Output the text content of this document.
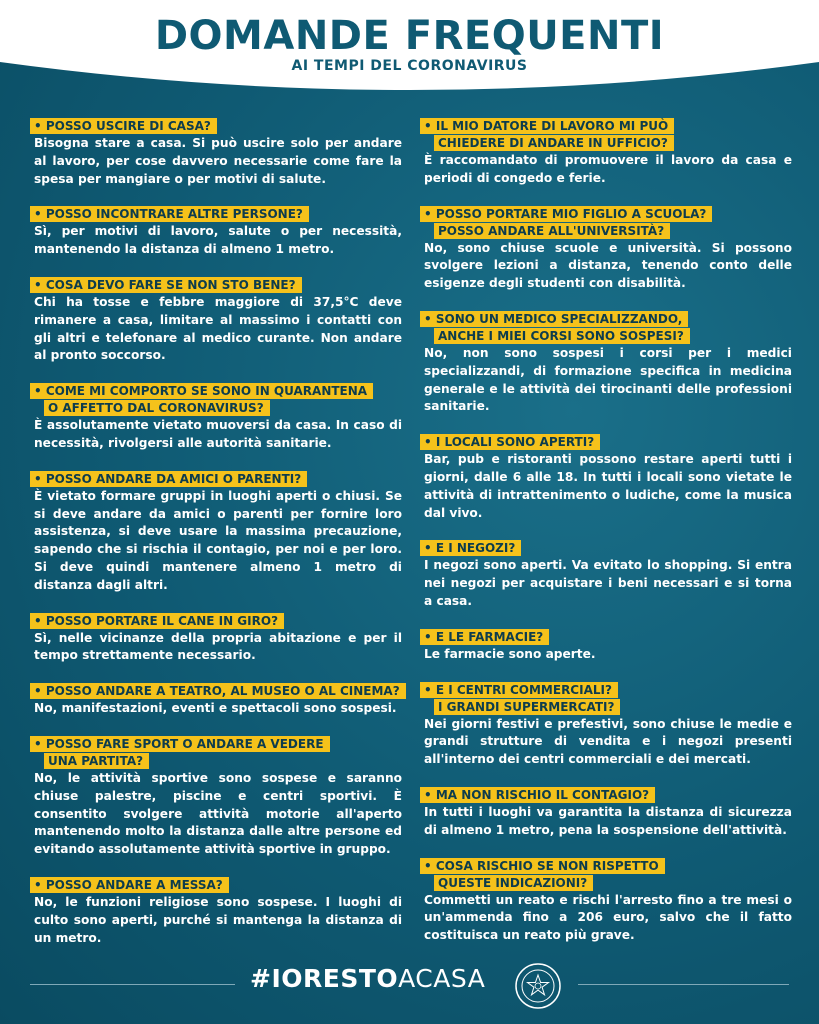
DOMANDE FREQUENTI
AI TEMPI DEL CORONAVIRUS
• POSSO USCIRE DI CASA?
Bisogna stare a casa. Si può uscire solo per andare al lavoro, per cose davvero necessarie come fare la spesa per mangiare o per motivi di salute.
• POSSO INCONTRARE ALTRE PERSONE?
Sì, per motivi di lavoro, salute o per necessità, mantenendo la distanza di almeno 1 metro.
• COSA DEVO FARE SE NON STO BENE?
Chi ha tosse e febbre maggiore di 37,5°C deve rimanere a casa, limitare al massimo i contatti con gli altri e telefonare al medico curante. Non andare al pronto soccorso.
• COME MI COMPORTO SE SONO IN QUARANTENA
O AFFETTO DAL CORONAVIRUS?
È assolutamente vietato muoversi da casa. In caso di necessità, rivolgersi alle autorità sanitarie.
• POSSO ANDARE DA AMICI O PARENTI?
È vietato formare gruppi in luoghi aperti o chiusi. Se si deve andare da amici o parenti per fornire loro assistenza, si deve usare la massima precauzione, sapendo che si rischia il contagio, per noi e per loro. Si deve quindi mantenere almeno 1 metro di distanza dagli altri.
• POSSO PORTARE IL CANE IN GIRO?
Sì, nelle vicinanze della propria abitazione e per il tempo strettamente necessario.
• POSSO ANDARE A TEATRO, AL MUSEO O AL CINEMA?
No, manifestazioni, eventi e spettacoli sono sospesi.
• POSSO FARE SPORT O ANDARE A VEDERE
UNA PARTITA?
No, le attività sportive sono sospese e saranno chiuse palestre, piscine e centri sportivi. È consentito svolgere attività motorie all'aperto mantenendo molto la distanza dalle altre persone ed evitando assolutamente attività sportive in gruppo.
• POSSO ANDARE A MESSA?
No, le funzioni religiose sono sospese. I luoghi di culto sono aperti, purché si mantenga la distanza di un metro.
• IL MIO DATORE DI LAVORO MI PUÒ
CHIEDERE DI ANDARE IN UFFICIO?
È raccomandato di promuovere il lavoro da casa e periodi di congedo e ferie.
• POSSO PORTARE MIO FIGLIO A SCUOLA?
POSSO ANDARE ALL'UNIVERSITÀ?
No, sono chiuse scuole e università. Si possono svolgere lezioni a distanza, tenendo conto delle esigenze degli studenti con disabilità.
• SONO UN MEDICO SPECIALIZZANDO,
ANCHE I MIEI CORSI SONO SOSPESI?
No, non sono sospesi i corsi per i medici specializzandi, di formazione specifica in medicina generale e le attività dei tirocinanti delle professioni sanitarie.
• I LOCALI SONO APERTI?
Bar, pub e ristoranti possono restare aperti tutti i giorni, dalle 6 alle 18. In tutti i locali sono vietate le attività di intrattenimento o ludiche, come la musica dal vivo.
• E I NEGOZI?
I negozi sono aperti. Va evitato lo shopping. Si entra nei negozi per acquistare i beni necessari e si torna a casa.
• E LE FARMACIE?
Le farmacie sono aperte.
• E I CENTRI COMMERCIALI?
I GRANDI SUPERMERCATI?
Nei giorni festivi e prefestivi, sono chiuse le medie e grandi strutture di vendita e i negozi presenti all'interno dei centri commerciali e dei mercati.
• MA NON RISCHIO IL CONTAGIO?
In tutti i luoghi va garantita la distanza di sicurezza di almeno 1 metro, pena la sospensione dell'attività.
• COSA RISCHIO SE NON RISPETTO
QUESTE INDICAZIONI?
Commetti un reato e rischi l'arresto fino a tre mesi o un'ammenda fino a 206 euro, salvo che il fatto costituisca un reato più grave.
#IORESTOACASA
